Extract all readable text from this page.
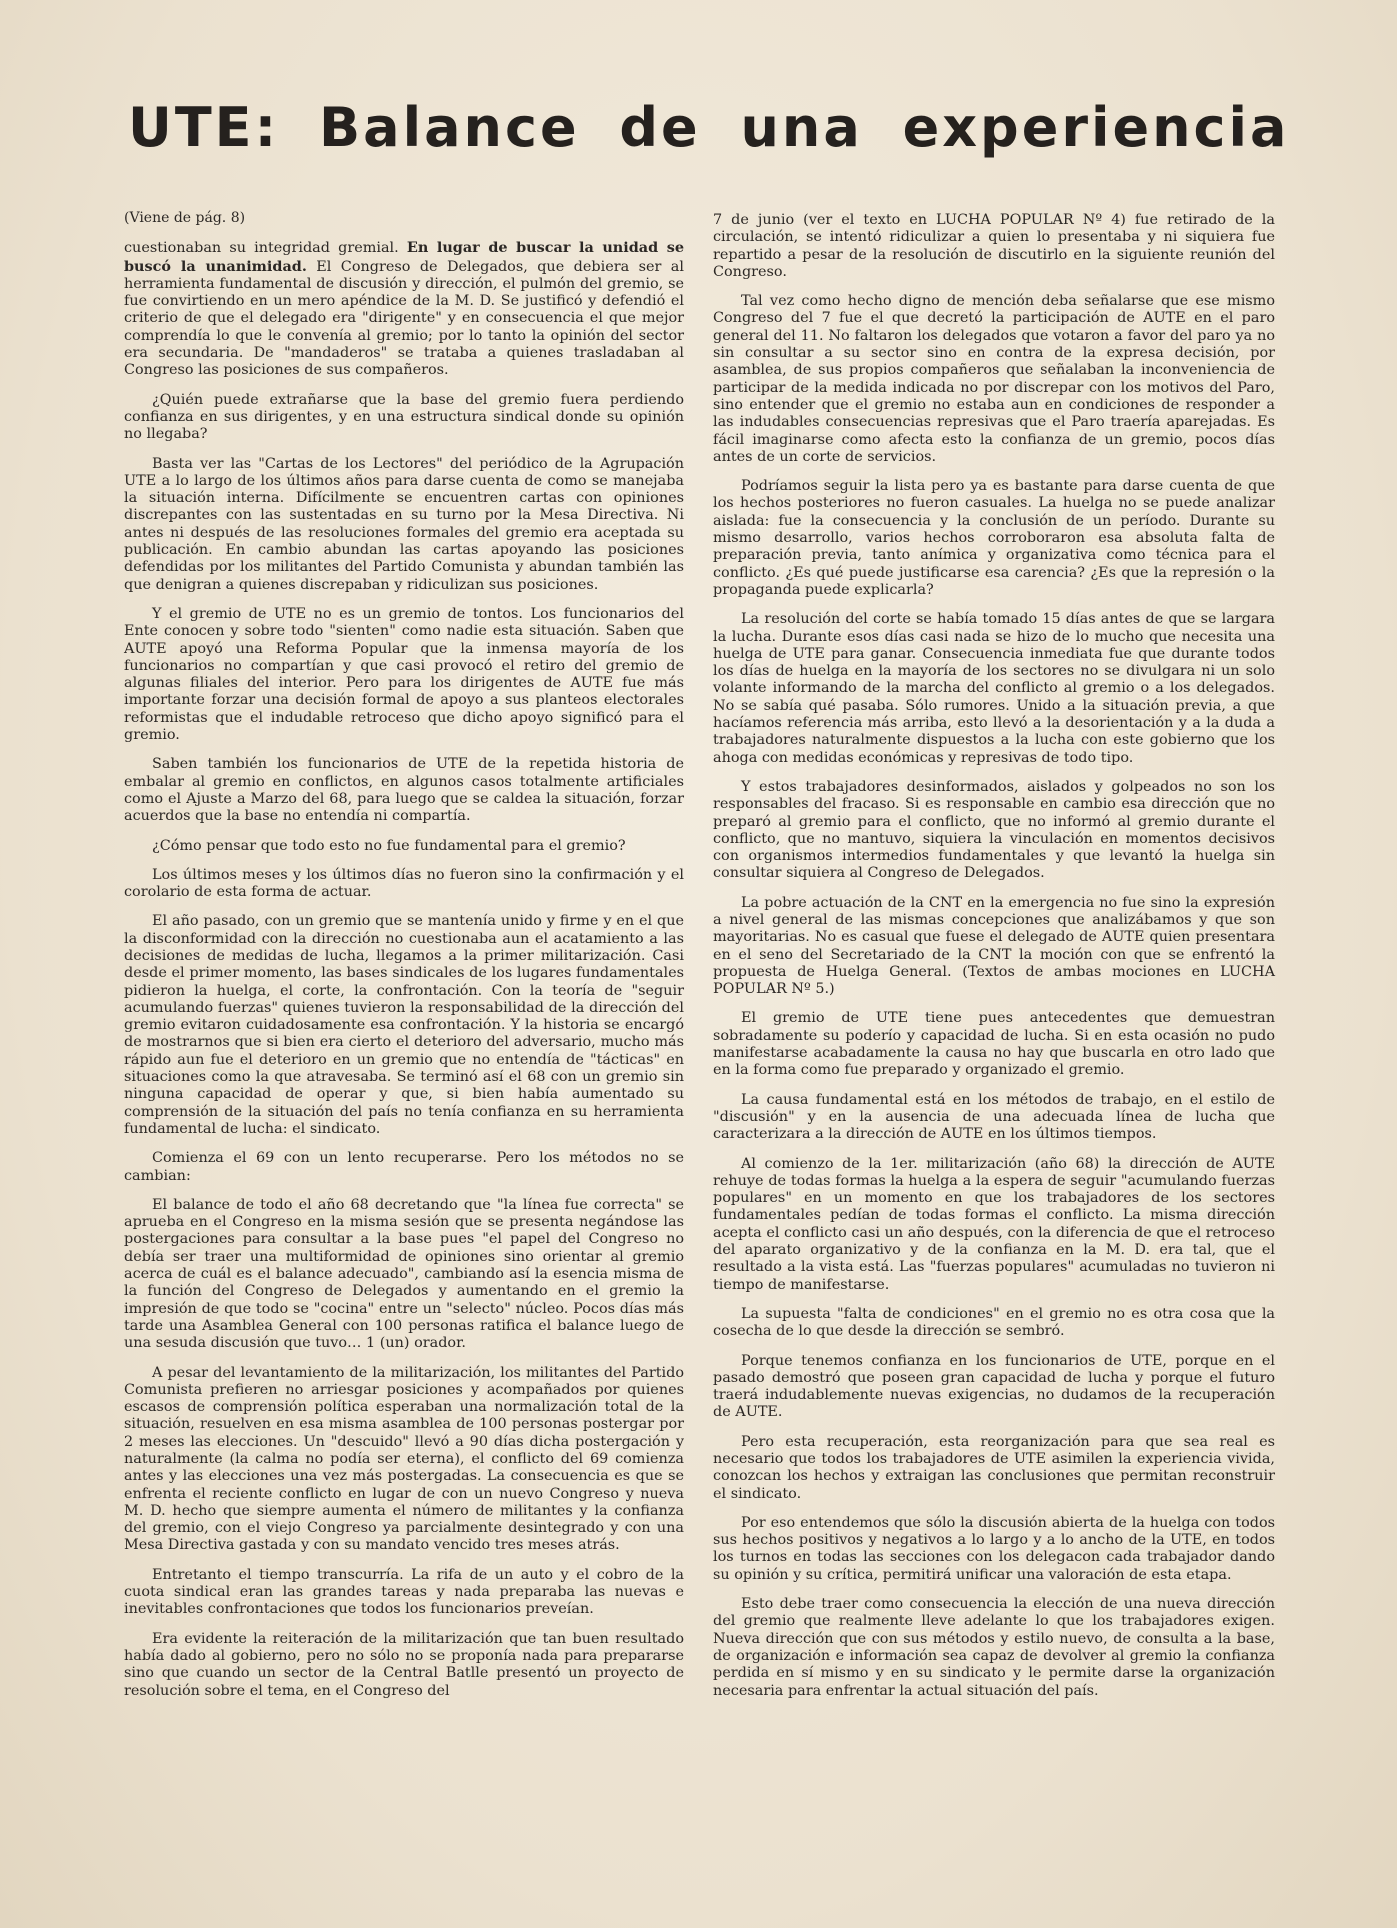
UTE: Balance de una experiencia
(Viene de pág. 8)

cuestionaban su integridad gremial. En lugar de buscar la unidad se buscó la unanimidad. El Congreso de Delegados, que debiera ser al herramienta fundamental de discusión y dirección, el pulmón del gremio, se fue convirtiendo en un mero apéndice de la M. D. Se justificó y defendió el criterio de que el delegado era "dirigente" y en consecuencia el que mejor comprendía lo que le convenía al gremio; por lo tanto la opinión del sector era secundaria. De "mandaderos" se trataba a quienes trasladaban al Congreso las posiciones de sus compañeros.

¿Quién puede extrañarse que la base del gremio fuera perdiendo confianza en sus dirigentes, y en una estructura sindical donde su opinión no llegaba?

Basta ver las "Cartas de los Lectores" del periódico de la Agrupación UTE a lo largo de los últimos años para darse cuenta de como se manejaba la situación interna. Difícilmente se encuentren cartas con opiniones discrepantes con las sustentadas en su turno por la Mesa Directiva. Ni antes ni después de las resoluciones formales del gremio era aceptada su publicación. En cambio abundan las cartas apoyando las posiciones defendidas por los militantes del Partido Comunista y abundan también las que denigran a quienes discrepaban y ridiculizan sus posiciones.

Y el gremio de UTE no es un gremio de tontos. Los funcionarios del Ente conocen y sobre todo "sienten" como nadie esta situación. Saben que AUTE apoyó una Reforma Popular que la inmensa mayoría de los funcionarios no compartían y que casi provocó el retiro del gremio de algunas filiales del interior. Pero para los dirigentes de AUTE fue más importante forzar una decisión formal de apoyo a sus planteos electorales reformistas que el indudable retroceso que dicho apoyo significó para el gremio.

Saben también los funcionarios de UTE de la repetida historia de embalar al gremio en conflictos, en algunos casos totalmente artificiales como el Ajuste a Marzo del 68, para luego que se caldea la situación, forzar acuerdos que la base no entendía ni compartía.

¿Cómo pensar que todo esto no fue fundamental para el gremio?

Los últimos meses y los últimos días no fueron sino la confirmación y el corolario de esta forma de actuar.

El año pasado, con un gremio que se mantenía unido y firme y en el que la disconformidad con la dirección no cuestionaba aun el acatamiento a las decisiones de medidas de lucha, llegamos a la primer militarización. Casi desde el primer momento, las bases sindicales de los lugares fundamentales pidieron la huelga, el corte, la confrontación. Con la teoría de "seguir acumulando fuerzas" quienes tuvieron la responsabilidad de la dirección del gremio evitaron cuidadosamente esa confrontación. Y la historia se encargó de mostrarnos que si bien era cierto el deterioro del adversario, mucho más rápido aun fue el deterioro en un gremio que no entendía de "tácticas" en situaciones como la que atravesaba. Se terminó así el 68 con un gremio sin ninguna capacidad de operar y que, si bien había aumentado su comprensión de la situación del país no tenía confianza en su herramienta fundamental de lucha: el sindicato.

Comienza el 69 con un lento recuperarse. Pero los métodos no se cambian:

El balance de todo el año 68 decretando que "la línea fue correcta" se aprueba en el Congreso en la misma sesión que se presenta negándose las postergaciones para consultar a la base pues "el papel del Congreso no debía ser traer una multiformidad de opiniones sino orientar al gremio acerca de cuál es el balance adecuado", cambiando así la esencia misma de la función del Congreso de Delegados y aumentando en el gremio la impresión de que todo se "cocina" entre un "selecto" núcleo. Pocos días más tarde una Asamblea General con 100 personas ratifica el balance luego de una sesuda discusión que tuvo… 1 (un) orador.

A pesar del levantamiento de la militarización, los militantes del Partido Comunista prefieren no arriesgar posiciones y acompañados por quienes escasos de comprensión política esperaban una normalización total de la situación, resuelven en esa misma asamblea de 100 personas postergar por 2 meses las elecciones. Un "descuido" llevó a 90 días dicha postergación y naturalmente (la calma no podía ser eterna), el conflicto del 69 comienza antes y las elecciones una vez más postergadas. La consecuencia es que se enfrenta el reciente conflicto en lugar de con un nuevo Congreso y nueva M. D. hecho que siempre aumenta el número de militantes y la confianza del gremio, con el viejo Congreso ya parcialmente desintegrado y con una Mesa Directiva gastada y con su mandato vencido tres meses atrás.

Entretanto el tiempo transcurría. La rifa de un auto y el cobro de la cuota sindical eran las grandes tareas y nada preparaba las nuevas e inevitables confrontaciones que todos los funcionarios preveían.

Era evidente la reiteración de la militarización que tan buen resultado había dado al gobierno, pero no sólo no se proponía nada para prepararse sino que cuando un sector de la Central Batlle presentó un proyecto de resolución sobre el tema, en el Congreso del

7 de junio (ver el texto en LUCHA POPULAR Nº 4) fue retirado de la circulación, se intentó ridiculizar a quien lo presentaba y ni siquiera fue repartido a pesar de la resolución de discutirlo en la siguiente reunión del Congreso.

Tal vez como hecho digno de mención deba señalarse que ese mismo Congreso del 7 fue el que decretó la participación de AUTE en el paro general del 11. No faltaron los delegados que votaron a favor del paro ya no sin consultar a su sector sino en contra de la expresa decisión, por asamblea, de sus propios compañeros que señalaban la inconveniencia de participar de la medida indicada no por discrepar con los motivos del Paro, sino entender que el gremio no estaba aun en condiciones de responder a las indudables consecuencias represivas que el Paro traería aparejadas. Es fácil imaginarse como afecta esto la confianza de un gremio, pocos días antes de un corte de servicios.

Podríamos seguir la lista pero ya es bastante para darse cuenta de que los hechos posteriores no fueron casuales. La huelga no se puede analizar aislada: fue la consecuencia y la conclusión de un período. Durante su mismo desarrollo, varios hechos corroboraron esa absoluta falta de preparación previa, tanto anímica y organizativa como técnica para el conflicto. ¿Es qué puede justificarse esa carencia? ¿Es que la represión o la propaganda puede explicarla?

La resolución del corte se había tomado 15 días antes de que se largara la lucha. Durante esos días casi nada se hizo de lo mucho que necesita una huelga de UTE para ganar. Consecuencia inmediata fue que durante todos los días de huelga en la mayoría de los sectores no se divulgara ni un solo volante informando de la marcha del conflicto al gremio o a los delegados. No se sabía qué pasaba. Sólo rumores. Unido a la situación previa, a que hacíamos referencia más arriba, esto llevó a la desorientación y a la duda a trabajadores naturalmente dispuestos a la lucha con este gobierno que los ahoga con medidas económicas y represivas de todo tipo.

Y estos trabajadores desinformados, aislados y golpeados no son los responsables del fracaso. Si es responsable en cambio esa dirección que no preparó al gremio para el conflicto, que no informó al gremio durante el conflicto, que no mantuvo, siquiera la vinculación en momentos decisivos con organismos intermedios fundamentales y que levantó la huelga sin consultar siquiera al Congreso de Delegados.

La pobre actuación de la CNT en la emergencia no fue sino la expresión a nivel general de las mismas concepciones que analizábamos y que son mayoritarias. No es casual que fuese el delegado de AUTE quien presentara en el seno del Secretariado de la CNT la moción con que se enfrentó la propuesta de Huelga General. (Textos de ambas mociones en LUCHA POPULAR Nº 5.)

El gremio de UTE tiene pues antecedentes que demuestran sobradamente su poderío y capacidad de lucha. Si en esta ocasión no pudo manifestarse acabadamente la causa no hay que buscarla en otro lado que en la forma como fue preparado y organizado el gremio.

La causa fundamental está en los métodos de trabajo, en el estilo de "discusión" y en la ausencia de una adecuada línea de lucha que caracterizara a la dirección de AUTE en los últimos tiempos.

Al comienzo de la 1er. militarización (año 68) la dirección de AUTE rehuye de todas formas la huelga a la espera de seguir "acumulando fuerzas populares" en un momento en que los trabajadores de los sectores fundamentales pedían de todas formas el conflicto. La misma dirección acepta el conflicto casi un año después, con la diferencia de que el retroceso del aparato organizativo y de la confianza en la M. D. era tal, que el resultado a la vista está. Las "fuerzas populares" acumuladas no tuvieron ni tiempo de manifestarse.

La supuesta "falta de condiciones" en el gremio no es otra cosa que la cosecha de lo que desde la dirección se sembró.

Porque tenemos confianza en los funcionarios de UTE, porque en el pasado demostró que poseen gran capacidad de lucha y porque el futuro traerá indudablemente nuevas exigencias, no dudamos de la recuperación de AUTE.

Pero esta recuperación, esta reorganización para que sea real es necesario que todos los trabajadores de UTE asimilen la experiencia vivida, conozcan los hechos y extraigan las conclusiones que permitan reconstruir el sindicato.

Por eso entendemos que sólo la discusión abierta de la huelga con todos sus hechos positivos y negativos a lo largo y a lo ancho de la UTE, en todos los turnos en todas las secciones con los delegacon cada trabajador dando su opinión y su crítica, permitirá unificar una valoración de esta etapa.

Esto debe traer como consecuencia la elección de una nueva dirección del gremio que realmente lleve adelante lo que los trabajadores exigen. Nueva dirección que con sus métodos y estilo nuevo, de consulta a la base, de organización e información sea capaz de devolver al gremio la confianza perdida en sí mismo y en su sindicato y le permite darse la organización necesaria para enfrentar la actual situación del país.
